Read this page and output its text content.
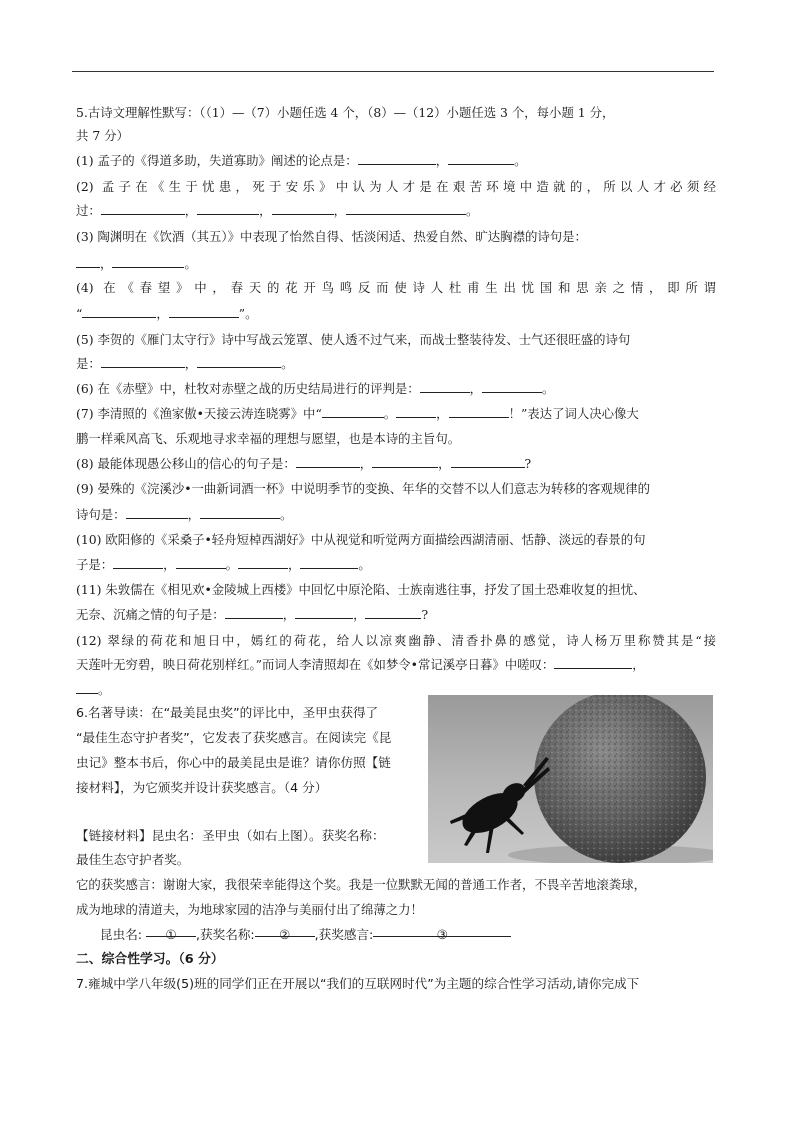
5.古诗文理解性默写：（（1）—（7）小题任选 4 个，（8）—（12）小题任选 3 个，每小题 1 分，
共 7 分）
(1) 孟子的《得道多助，失道寡助》阐述的论点是：	，	。
(2) 孟子在《生于忧患，死于安乐》中认为人才是在艰苦环境中造就的，所以人才必须经
过：	，	，	，	。
(3) 陶渊明在《饮酒（其五）》中表现了怡然自得、恬淡闲适、热爱自然、旷达胸襟的诗句是：
，	。
(4) 在《春望》中，春天的花开鸟鸣反而使诗人杜甫生出忧国和思亲之情，即所谓
“	，	”。
(5) 李贺的《雁门太守行》诗中写战云笼罩、使人透不过气来，而战士整装待发、士气还很旺盛的诗句
是：	，	。
(6) 在《赤壁》中，杜牧对赤壁之战的历史结局进行的评判是：	，	。
(7) 李清照的《渔家傲•天接云涛连晓雾》中“	。	，	！”表达了词人决心像大
鹏一样乘风高飞、乐观地寻求幸福的理想与愿望，也是本诗的主旨句。
(8) 最能体现愚公移山的信心的句子是：	，	，	?
(9) 晏殊的《浣溪沙•一曲新词酒一杯》中说明季节的变换、年华的交替不以人们意志为转移的客观规律的
诗句是：	，	。
(10) 欧阳修的《采桑子•轻舟短棹西湖好》中从视觉和听觉两方面描绘西湖清丽、恬静、淡远的春景的句
子是：	，	。	，	。
(11) 朱敦儒在《相见欢•金陵城上西楼》中回忆中原沦陷、士族南逃往事，抒发了国土恐难收复的担忧、
无奈、沉痛之情的句子是：	，	，	?
(12) 翠绿的荷花和旭日中，嫣红的荷花，给人以凉爽幽静、清香扑鼻的感觉，诗人杨万里称赞其是“接
天莲叶无穷碧，映日荷花别样红。”而词人李清照却在《如梦令•常记溪亭日暮》中嗟叹：	，
。
6.名著导读：在“最美昆虫奖”的评比中，圣甲虫获得了
“最佳生态守护者奖”，它发表了获奖感言。在阅读完《昆
虫记》整本书后，你心中的最美昆虫是谁？请你仿照【链
接材料】，为它颁奖并设计获奖感言。（4 分）
【链接材料】昆虫名：圣甲虫（如右上图）。获奖名称：
最佳生态守护者奖。
它的获奖感言：谢谢大家，我很荣幸能得这个奖。我是一位默默无闻的普通工作者，不畏辛苦地滚粪球，
成为地球的清道夫，为地球家园的洁净与美丽付出了绵薄之力！
昆虫名: ① ,获奖名称: ② ,获奖感言:	③
二、综合性学习。（6 分）
7.雍城中学八年级(5)班的同学们正在开展以“我们的互联网时代”为主题的综合性学习活动,请你完成下
